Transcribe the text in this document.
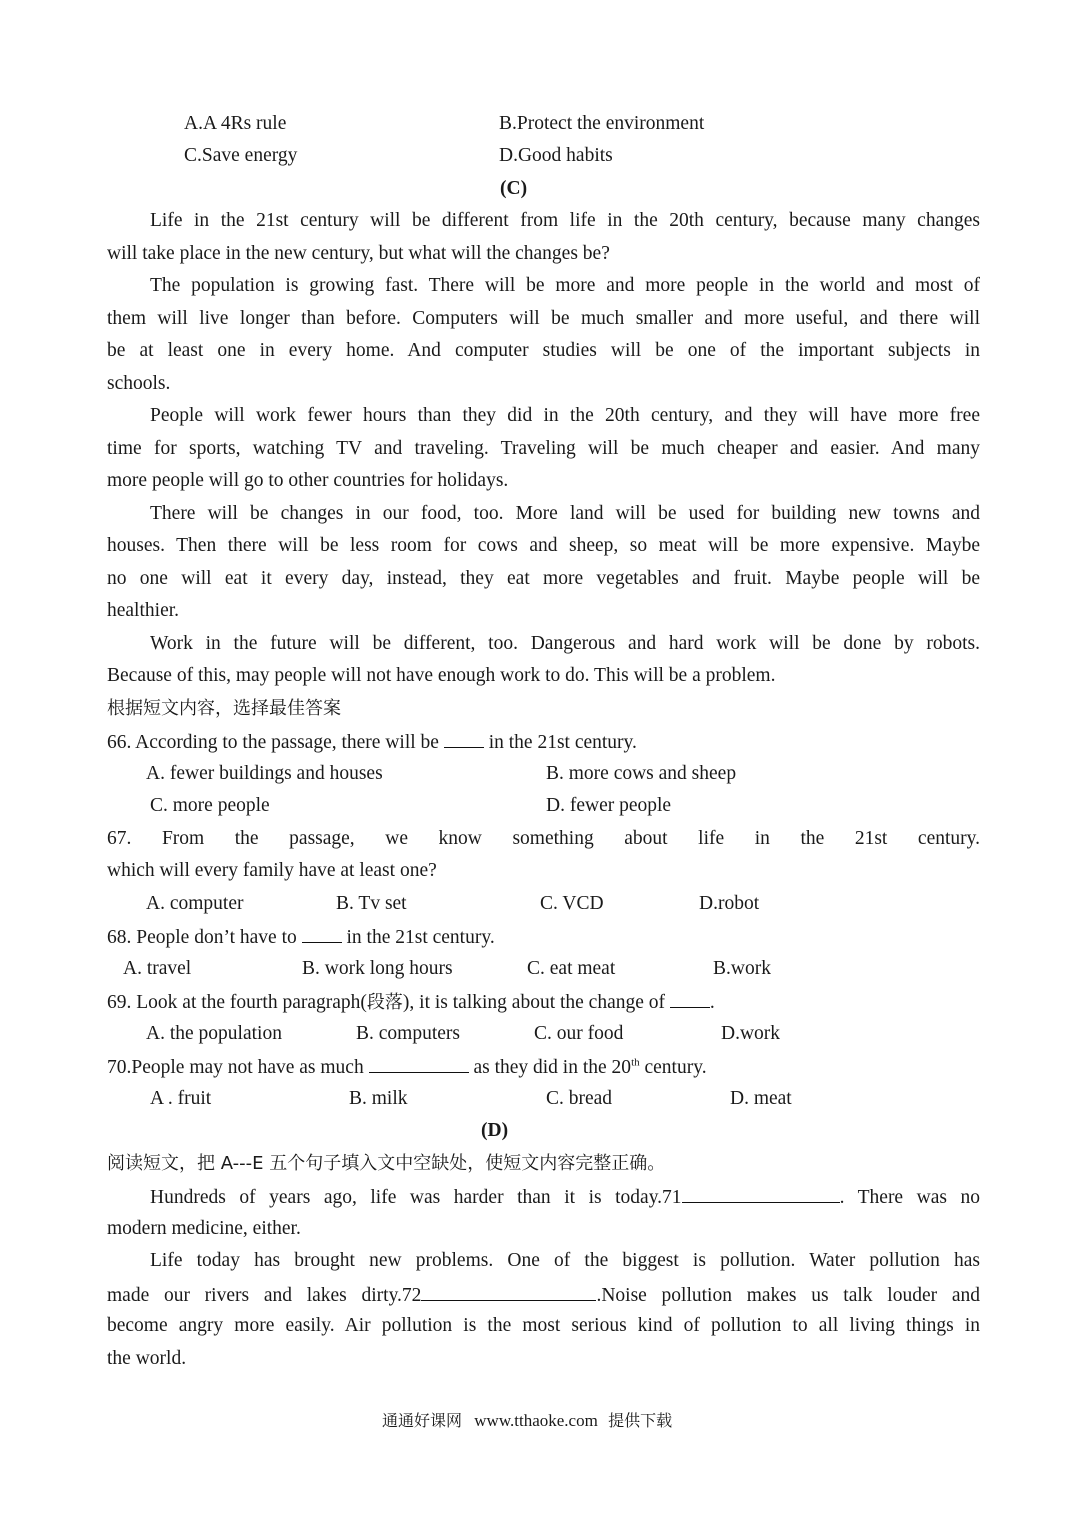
A.A 4Rs rule	B.Protect the environment
C.Save energy	D.Good habits
(C)
Life in the 21st century will be different from life in the 20th century, because many changes
will take place in the new century, but what will the changes be?
The population is growing fast. There will be more and more people in the world and most of
them will live longer than before. Computers will be much smaller and more useful, and there will
be at least one in every home. And computer studies will be one of the important subjects in
schools.
People will work fewer hours than they did in the 20th century, and they will have more free
time for sports, watching TV and traveling. Traveling will be much cheaper and easier. And many
more people will go to other countries for holidays.
There will be changes in our food, too. More land will be used for building new towns and
houses. Then there will be less room for cows and sheep, so meat will be more expensive. Maybe
no one will eat it every day, instead, they eat more vegetables and fruit. Maybe people will be
healthier.
Work in the future will be different, too. Dangerous and hard work will be done by robots.
Because of this, may people will not have enough work to do. This will be a problem.
根据短文内容，选择最佳答案
66. According to the passage, there will be	in the 21st century.
A. fewer buildings and houses	B. more cows and sheep
C. more people	D. fewer people
67. From the passage, we know something about life in the 21st century.
which will every family have at least one?
A. computer	B. Tv set	C. VCD	D.robot
68. People don’t have to	in the 21st century.
A. travel	B. work long hours	C. eat meat	B.work
69. Look at the fourth paragraph(段落), it is talking about the change of .
A. the population	B. computers	C. our food	D.work
70.People may not have as much	as they did in the 20th century.
A . fruit	B. milk	C. bread	D. meat
(D)
阅读短文，把 A---E 五个句子填入文中空缺处，使短文内容完整正确。
Hundreds of years ago, life was harder than it is today.71	. There was no
modern medicine, either.
Life today has brought new problems. One of the biggest is pollution. Water pollution has
made our rivers and lakes dirty.72	.Noise pollution makes us talk louder and
become angry more easily. Air pollution is the most serious kind of pollution to all living things in
the world.
通通好课网 www.tthaoke.com 提供下载
